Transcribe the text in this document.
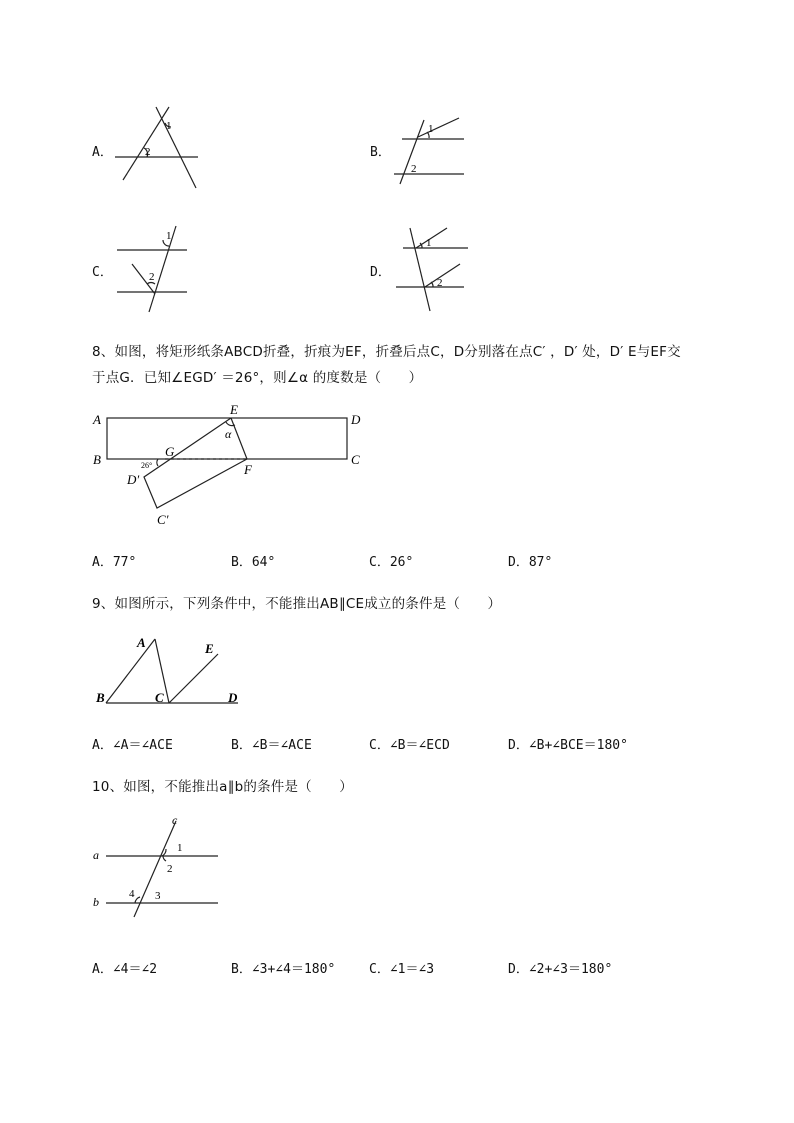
A．
1
2	B．
1
2
C．
1
2	D．
1
2
8、如图，将矩形纸条ABCD折叠，折痕为EF，折叠后点C，D分别落在点C′ ，D′ 处，D′ E与EF交
于点G．已知∠EGD′ ＝26°，则∠α 的度数是（　　）
A
B	C
D
E
F
G
D′
C′
α
26°
A．77°	B．64°	C．26°	D．87°
9、如图所示，下列条件中，不能推出AB∥CE成立的条件是（　　）
A
B	C	D
E
A．∠A＝∠ACE	B．∠B＝∠ACE	C．∠B＝∠ECD	D．∠B+∠BCE＝180°
10、如图，不能推出a∥b的条件是（　　）
a
b
c
1
2
3
4
A．∠4＝∠2	B．∠3+∠4＝180°	C．∠1＝∠3	D．∠2+∠3＝180°
